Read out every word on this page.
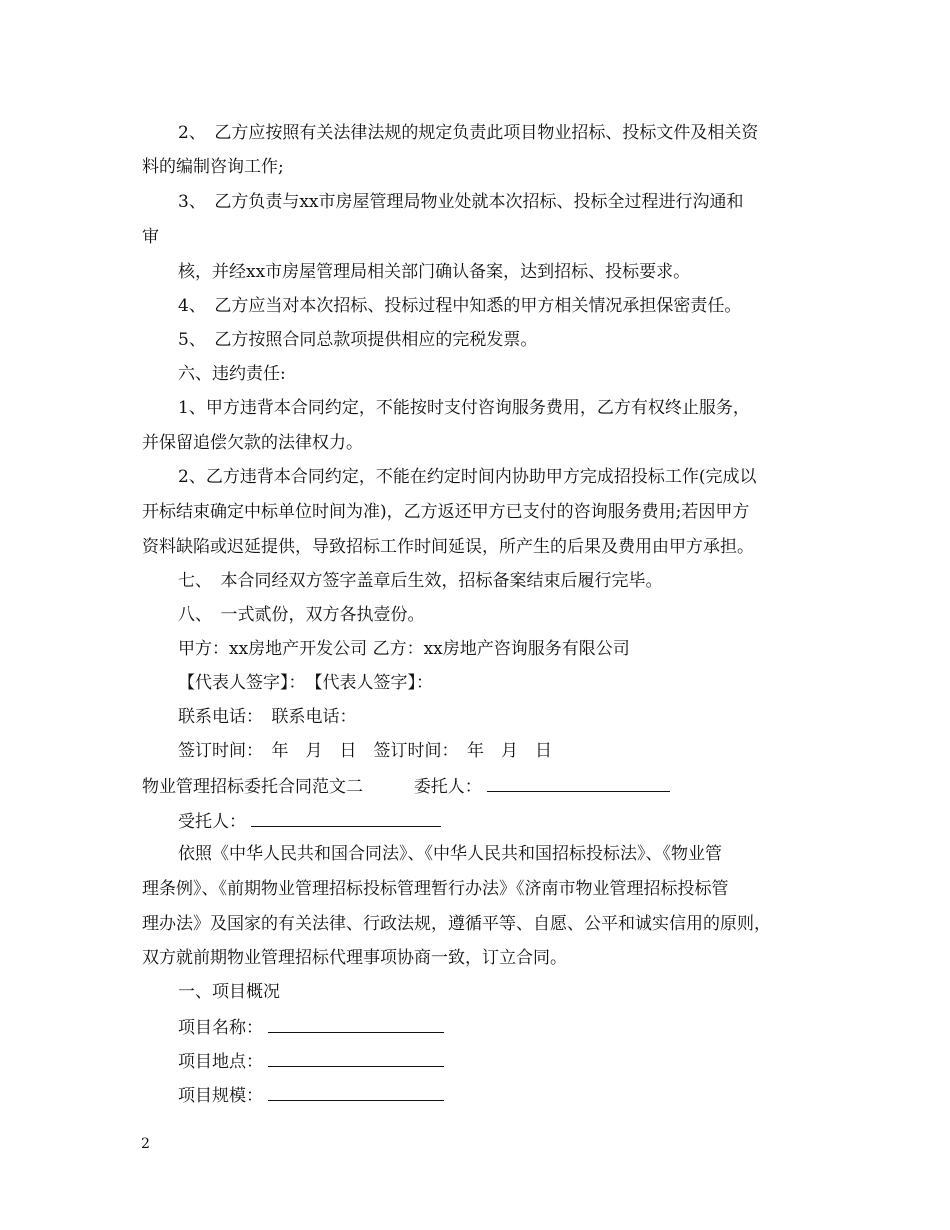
2、　乙方应按照有关法律法规的规定负责此项目物业招标、投标文件及相关资
料的编制咨询工作;
3、　乙方负责与xx市房屋管理局物业处就本次招标、投标全过程进行沟通和
审
核，并经xx市房屋管理局相关部门确认备案，达到招标、投标要求。
4、　乙方应当对本次招标、投标过程中知悉的甲方相关情况承担保密责任。
5、　乙方按照合同总款项提供相应的完税发票。
六、违约责任:
1、甲方违背本合同约定，不能按时支付咨询服务费用，乙方有权终止服务，
并保留追偿欠款的法律权力。
2、乙方违背本合同约定，不能在约定时间内协助甲方完成招投标工作(完成以
开标结束确定中标单位时间为准)，乙方返还甲方已支付的咨询服务费用;若因甲方
资料缺陷或迟延提供，导致招标工作时间延误，所产生的后果及费用由甲方承担。
七、　本合同经双方签字盖章后生效，招标备案结束后履行完毕。
八、　一式贰份，双方各执壹份。
甲方：xx房地产开发公司 乙方：xx房地产咨询服务有限公司
【代表人签字】：　【代表人签字】：
联系电话：　联系电话：
签订时间：　年　月　日　签订时间：　年　月　日
物业管理招标委托合同范文二	委托人：
受托人：
依照《中华人民共和国合同法》、《中华人民共和国招标投标法》、《物业管
理条例》、《前期物业管理招标投标管理暂行办法》《济南市物业管理招标投标管
理办法》及国家的有关法律、行政法规，遵循平等、自愿、公平和诚实信用的原则，
双方就前期物业管理招标代理事项协商一致，订立合同。
一、项目概况
项目名称：
项目地点：
项目规模：
2
